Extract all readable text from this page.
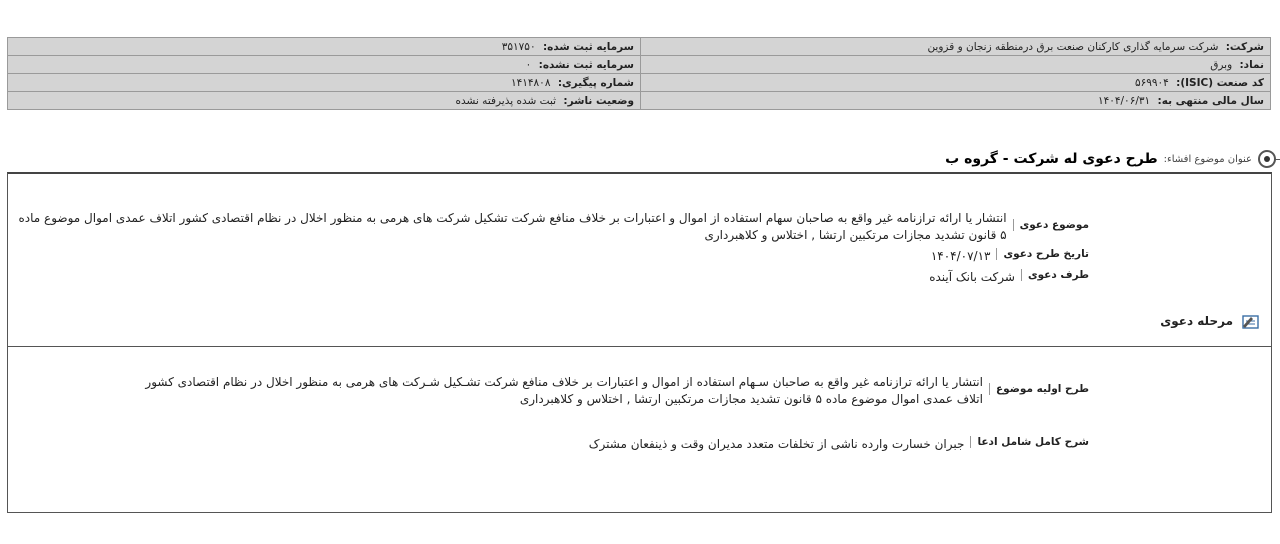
شرکت: شرکت سرمایه گذاری کارکنان صنعت برق درمنطقه زنجان و قزوین	سرمایه ثبت شده: ۳۵۱۷۵۰
نماد: وبرق	سرمایه ثبت نشده: ۰
کد صنعت (ISIC): ۵۶۹۹۰۴	شماره پیگیری: ۱۴۱۴۸۰۸
سال مالی منتهی به: ۱۴۰۴/۰۶/۳۱	وضعیت ناشر: ثبت شده پذیرفته نشده
عنوان موضوع افشاء:
طرح دعوی له شرکت - گروه ب
موضوع دعوی
انتشار یا ارائه ترازنامه غیر واقع به صاحبان سهام استفاده از اموال و اعتبارات بر خلاف منافع شرکت تشکیل شرکت های هرمی به منظور اخلال در نظام اقتصادی کشور اتلاف عمدی اموال موضوع ماده ۵ قانون تشدید مجازات مرتکبین ارتشا , اختلاس و کلاهبرداری
تاریخ طرح دعوی
۱۴۰۴/۰۷/۱۳
طرف دعوی
شرکت بانک آینده
مرحله دعوی
طرح اولیه موضوع
انتشار یا ارائه ترازنامه غیر واقع به صاحبان سـهام استفاده از اموال و اعتبارات بر خلاف منافع شرکت تشـکیل شـرکت های هرمی به منظور اخلال در نظام اقتصادی کشور اتلاف عمدی اموال موضوع ماده ۵ قانون تشدید مجازات مرتکبین ارتشا , اختلاس و کلاهبرداری
شرح کامل شامل ادعا
جبران خسارت وارده ناشی از تخلفات متعدد مدیران وقت و ذینفعان مشترک
